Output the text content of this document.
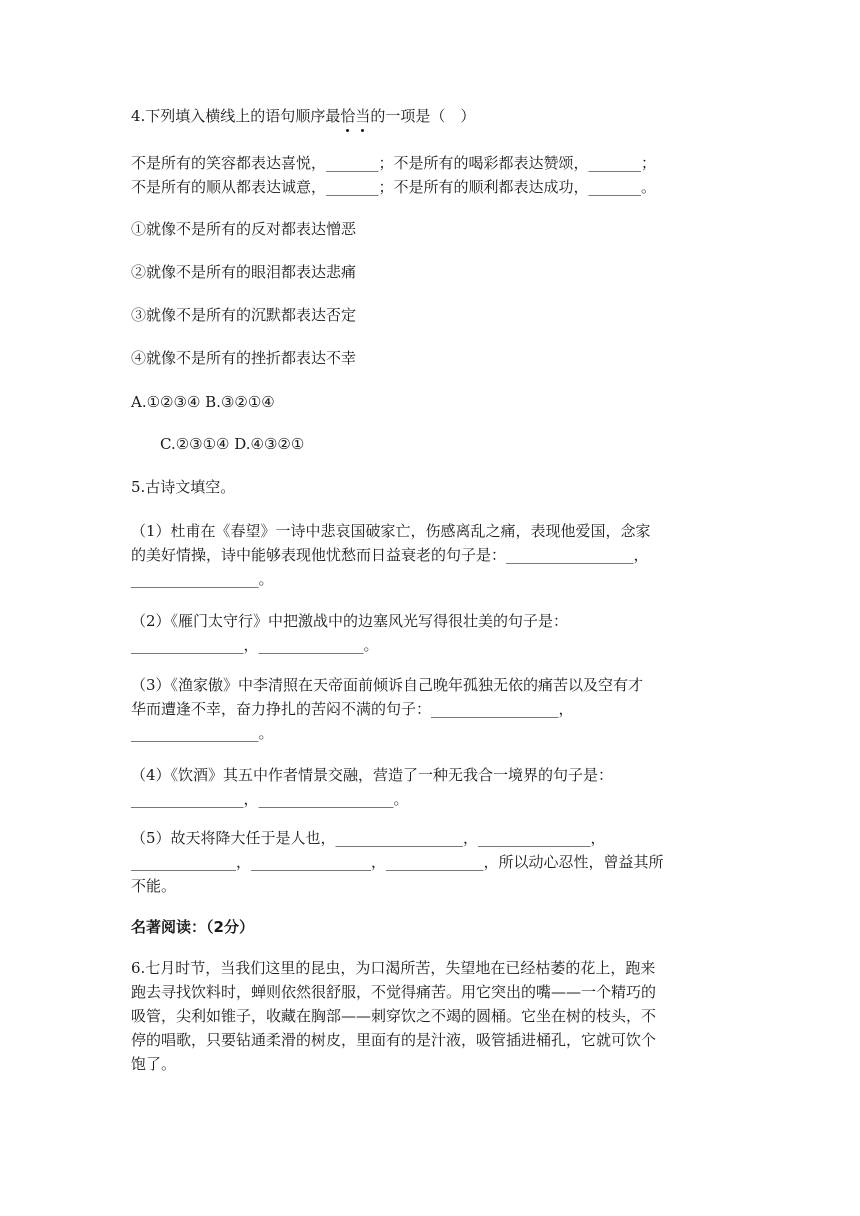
4.下列填入横线上的语句顺序最恰当
的一项是（　）
不是所有的笑容都表达喜悦，_______；不是所有的喝彩都表达赞颂，_______；
不是所有的顺从都表达诚意，_______；不是所有的顺利都表达成功，_______。
①就像不是所有的反对都表达憎恶
②就像不是所有的眼泪都表达悲痛
③就像不是所有的沉默都表达否定
④就像不是所有的挫折都表达不幸
A.①②③④ B.③②①④
C.②③①④ D.④③②①
5.古诗文填空。
（1）杜甫在《春望》一诗中悲哀国破家亡，伤感离乱之痛，表现他爱国，念家
的美好情操，诗中能够表现他忧愁而日益衰老的句子是：_________________，
_________________。
（2）《雁门太守行》中把激战中的边塞风光写得很壮美的句子是：
_______________，______________。
（3）《渔家傲》中李清照在天帝面前倾诉自己晚年孤独无依的痛苦以及空有才
华而遭逢不幸，奋力挣扎的苦闷不满的句子：_________________，
_________________。
（4）《饮酒》其五中作者情景交融，营造了一种无我合一境界的句子是：
_______________，__________________。
（5）故天将降大任于是人也，_________________，_______________，
______________，________________，_____________，所以动心忍性，曾益其所
不能。
名著阅读：（2分）
6.七月时节，当我们这里的昆虫，为口渴所苦，失望地在已经枯萎的花上，跑来
跑去寻找饮料时，蝉则依然很舒服，不觉得痛苦。用它突出的嘴——一个精巧的
吸管，尖利如锥子，收藏在胸部——刺穿饮之不竭的圆桶。它坐在树的枝头，不
停的唱歌，只要钻通柔滑的树皮，里面有的是汁液，吸管插进桶孔，它就可饮个
饱了。
